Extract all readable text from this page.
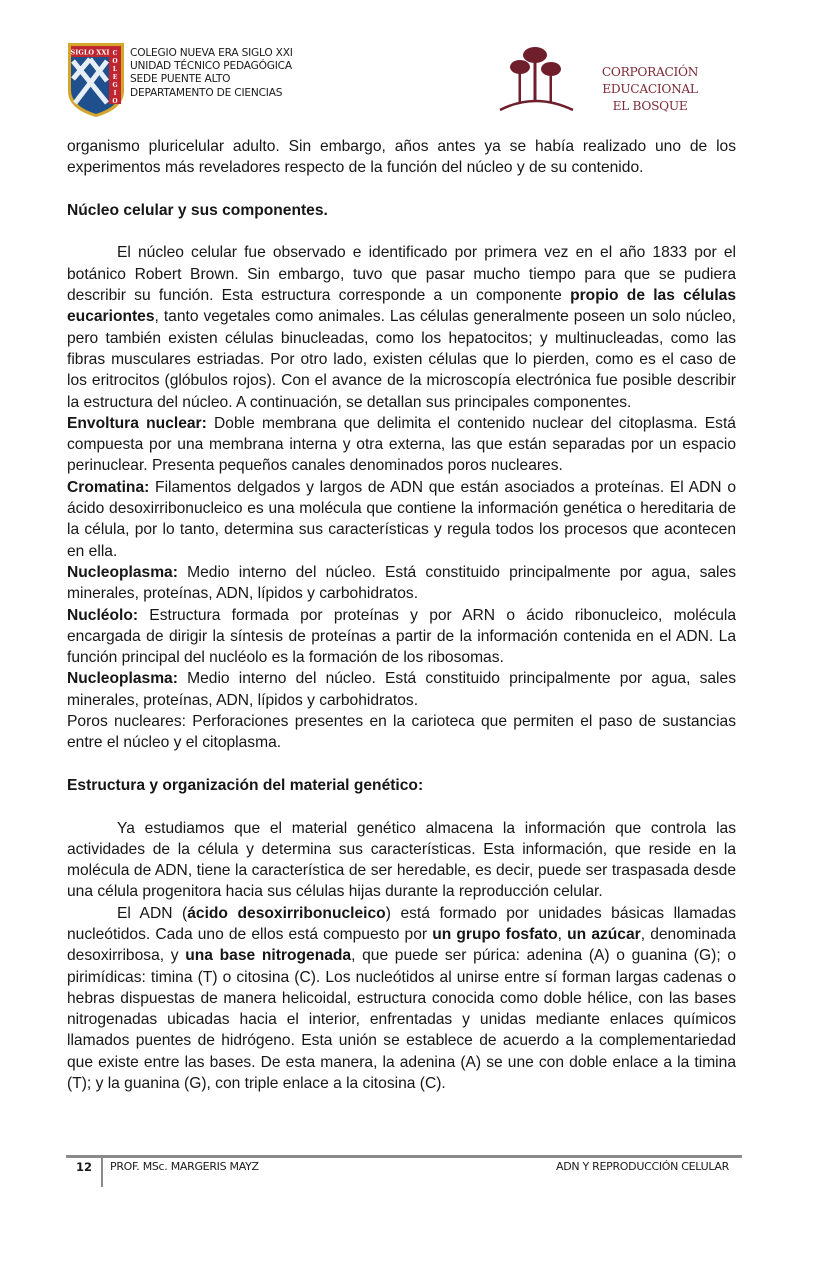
SIGLO XXI C
O
L
E
G
I
O
COLEGIO NUEVA ERA SIGLO XXI
UNIDAD TÉCNICO PEDAGÓGICA
SEDE PUENTE ALTO
DEPARTAMENTO DE CIENCIAS
CORPORACIÓN EDUCACIONAL
EL BOSQUE

organismo pluricelular adulto. Sin embargo, años antes ya se había realizado uno de los experimentos más reveladores respecto de la función del núcleo y de su contenido.

Núcleo celular y sus componentes.

El núcleo celular fue observado e identificado por primera vez en el año 1833 por el botánico Robert Brown. Sin embargo, tuvo que pasar mucho tiempo para que se pudiera describir su función. Esta estructura corresponde a un componente propio de las células eucariontes, tanto vegetales como animales. Las células generalmente poseen un solo núcleo, pero también existen células binucleadas, como los hepatocitos; y multinucleadas, como las fibras musculares estriadas. Por otro lado, existen células que lo pierden, como es el caso de los eritrocitos (glóbulos rojos). Con el avance de la microscopía electrónica fue posible describir la estructura del núcleo. A continuación, se detallan sus principales componentes.

Envoltura nuclear: Doble membrana que delimita el contenido nuclear del citoplasma. Está compuesta por una membrana interna y otra externa, las que están separadas por un espacio perinuclear. Presenta pequeños canales denominados poros nucleares.

Cromatina: Filamentos delgados y largos de ADN que están asociados a proteínas. El ADN o ácido desoxirribonucleico es una molécula que contiene la información genética o hereditaria de la célula, por lo tanto, determina sus características y regula todos los procesos que acontecen en ella.

Nucleoplasma: Medio interno del núcleo. Está constituido principalmente por agua, sales minerales, proteínas, ADN, lípidos y carbohidratos.

Nucléolo: Estructura formada por proteínas y por ARN o ácido ribonucleico, molécula encargada de dirigir la síntesis de proteínas a partir de la información contenida en el ADN. La función principal del nucléolo es la formación de los ribosomas.

Nucleoplasma: Medio interno del núcleo. Está constituido principalmente por agua, sales minerales, proteínas, ADN, lípidos y carbohidratos.

Poros nucleares: Perforaciones presentes en la carioteca que permiten el paso de sustancias entre el núcleo y el citoplasma.

Estructura y organización del material genético:

Ya estudiamos que el material genético almacena la información que controla las actividades de la célula y determina sus características. Esta información, que reside en la molécula de ADN, tiene la característica de ser heredable, es decir, puede ser traspasada desde una célula progenitora hacia sus células hijas durante la reproducción celular.

El ADN (ácido desoxirribonucleico) está formado por unidades básicas llamadas nucleótidos. Cada uno de ellos está compuesto por un grupo fosfato, un azúcar, denominada desoxirribosa, y una base nitrogenada, que puede ser púrica: adenina (A) o guanina (G); o pirimídicas: timina (T) o citosina (C). Los nucleótidos al unirse entre sí forman largas cadenas o hebras dispuestas de manera helicoidal, estructura conocida como doble hélice, con las bases nitrogenadas ubicadas hacia el interior, enfrentadas y unidas mediante enlaces químicos llamados puentes de hidrógeno. Esta unión se establece de acuerdo a la complementariedad que existe entre las bases. De esta manera, la adenina (A) se une con doble enlace a la timina (T); y la guanina (G), con triple enlace a la citosina (C).

12 PROF. MSc. MARGERIS MAYZ	ADN Y REPRODUCCIÓN CELULAR
